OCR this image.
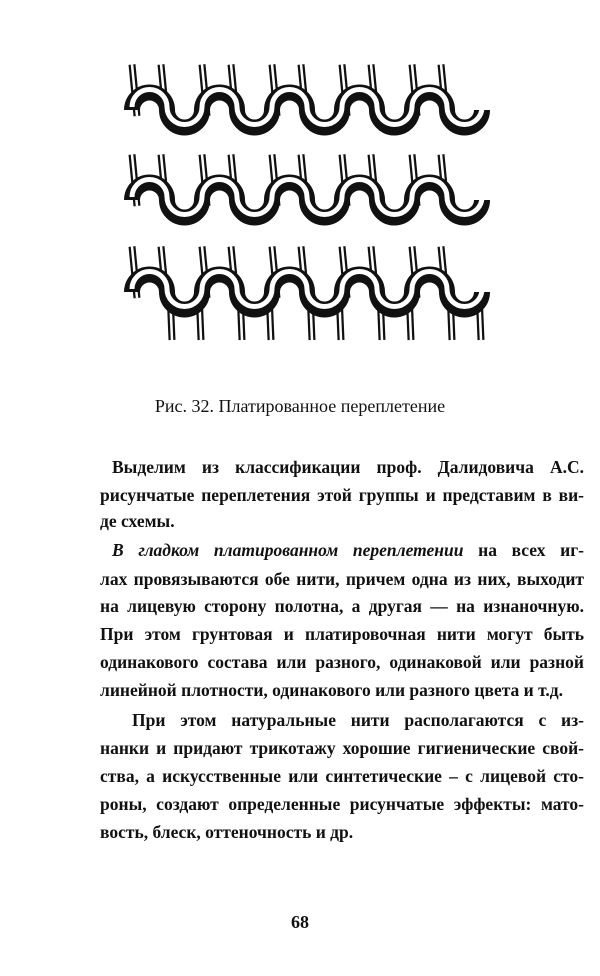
Рис. 32. Платированное переплетение
Выделим из классификации проф. Далидовича А.С.
рисунчатые переплетения этой группы и представим в ви-
де схемы.
В гладком платированном переплетении на всех иг-
лах провязываются обе нити, причем одна из них, выходит
на лицевую сторону полотна, а другая — на изнаночную.
При этом грунтовая и платировочная нити могут быть
одинакового состава или разного, одинаковой или разной
линейной плотности, одинакового или разного цвета и т.д.
При этом натуральные нити располагаются с из-
нанки и придают трикотажу хорошие гигиенические свой-
ства, а искусственные или синтетические – с лицевой сто-
роны, создают определенные рисунчатые эффекты: мато-
вость, блеск, оттеночность и др.
68
